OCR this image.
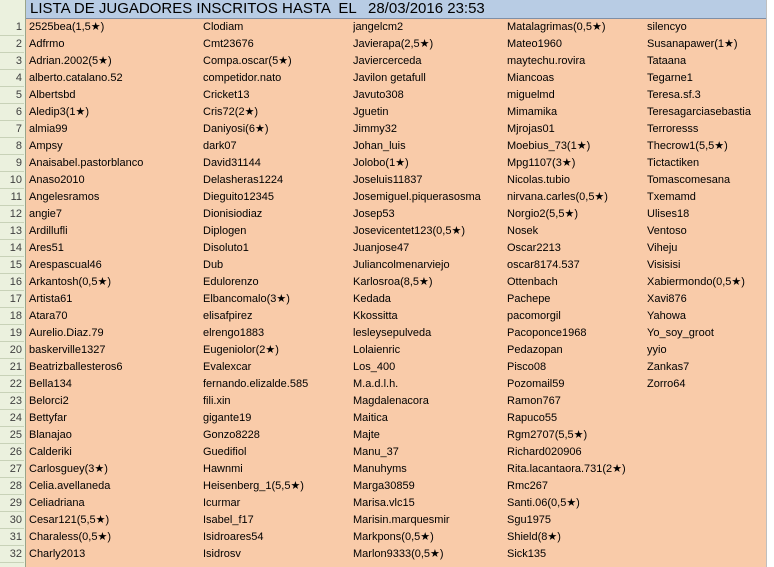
1
2
3
4
5
6
7
8
9
10
11
12
13
14
15
16
17
18
19
20
21
22
23
24
25
26
27
28
29
30
31
32
LISTA DE JUGADORES INSCRITOS HASTA  EL 28/03/2016 23:53
2525bea(1,5★)
Adfrmo
Adrian.2002(5★)
alberto.catalano.52
Albertsbd
Aledip3(1★)
almia99
Ampsy
Anaisabel.pastorblanco
Anaso2010
Angelesramos
angie7
Ardillufli
Ares51
Arespascual46
Arkantosh(0,5★)
Artista61
Atara70
Aurelio.Diaz.79
baskerville1327
Beatrizballesteros6
Bella134
Belorci2
Bettyfar
Blanajao
Calderiki
Carlosguey(3★)
Celia.avellaneda
Celiadriana
Cesar121(5,5★)
Charaless(0,5★)
Charly2013
Clodiam
Cmt23676
Compa.oscar(5★)
competidor.nato
Cricket13
Cris72(2★)
Daniyosi(6★)
dark07
David31144
Delasheras1224
Dieguito12345
Dionisiodiaz
Diplogen
Disoluto1
Dub
Edulorenzo
Elbancomalo(3★)
elisafpirez
elrengo1883
Eugeniolor(2★)
Evalexcar
fernando.elizalde.585
fili.xin
gigante19
Gonzo8228
Guedifiol
Hawnmi
Heisenberg_1(5,5★)
Icurmar
Isabel_f17
Isidroares54
Isidrosv
jangelcm2
Javierapa(2,5★)
Javiercerceda
Javilon getafull
Javuto308
Jguetin
Jimmy32
Johan_luis
Jolobo(1★)
Joseluis11837
Josemiguel.piquerasosma
Josep53
Josevicentet123(0,5★)
Juanjose47
Juliancolmenarviejo
Karlosroa(8,5★)
Kedada
Kkossitta
lesleysepulveda
Lolaienric
Los_400
M.a.d.l.h.
Magdalenacora
Maitica
Majte
Manu_37
Manuhyms
Marga30859
Marisa.vlc15
Marisin.marquesmir
Markpons(0,5★)
Marlon9333(0,5★)
Matalagrimas(0,5★)
Mateo1960
maytechu.rovira
Miancoas
miguelmd
Mimamika
Mjrojas01
Moebius_73(1★)
Mpg1107(3★)
Nicolas.tubio
nirvana.carles(0,5★)
Norgio2(5,5★)
Nosek
Oscar2213
oscar8174.537
Ottenbach
Pachepe
pacomorgil
Pacoponce1968
Pedazopan
Pisco08
Pozomail59
Ramon767
Rapuco55
Rgm2707(5,5★)
Richard020906
Rita.lacantaora.731(2★)
Rmc267
Santi.06(0,5★)
Sgu1975
Shield(8★)
Sick135
silencyo
Susanapawer(1★)
Tataana
Tegarne1
Teresa.sf.3
Teresagarciasebastia
Terroresss
Thecrow1(5,5★)
Tictactiken
Tomascomesana
Txemamd
Ulises18
Ventoso
Viheju
Visisisi
Xabiermondo(0,5★)
Xavi876
Yahowa
Yo_soy_groot
yyio
Zankas7
Zorro64
